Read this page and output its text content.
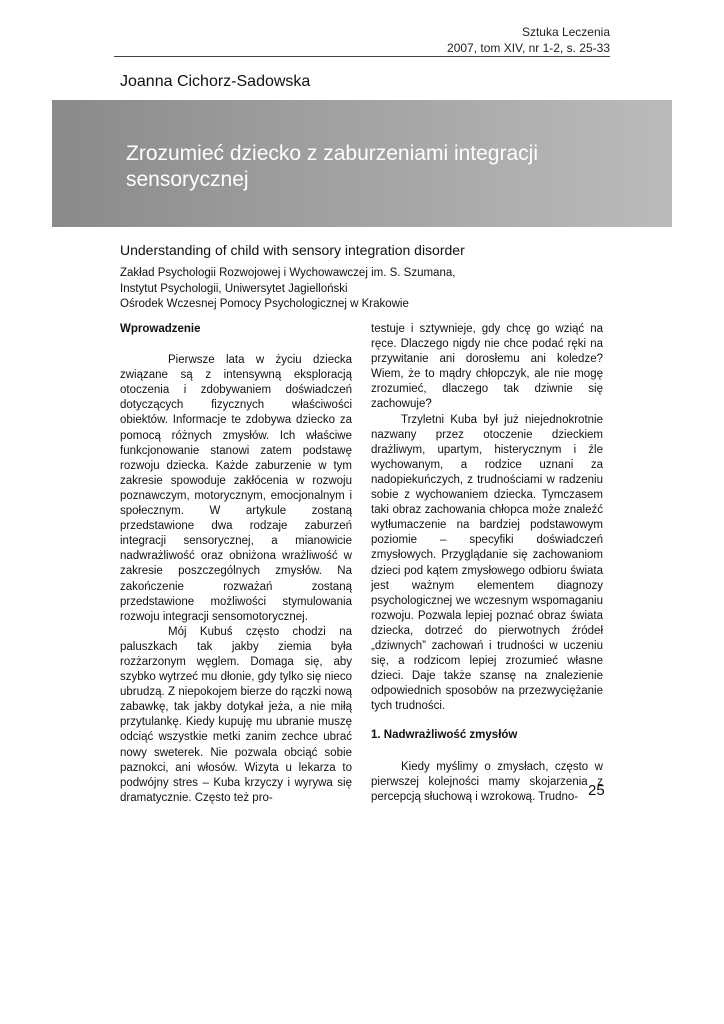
Sztuka Leczenia
2007, tom XIV, nr 1-2, s. 25-33
Joanna Cichorz-Sadowska
Zrozumieć dziecko z zaburzeniami integracji sensorycznej
Understanding of child with sensory integration disorder
Zakład Psychologii Rozwojowej i Wychowawczej im. S. Szumana,
Instytut Psychologii, Uniwersytet Jagielloński
Ośrodek Wczesnej Pomocy Psychologicznej w Krakowie
Wprowadzenie

Pierwsze lata w życiu dziecka związane są z intensywną eksploracją otoczenia i zdobywaniem doświadczeń dotyczących fizycznych właściwości obiektów. Informacje te zdobywa dziecko za pomocą różnych zmysłów. Ich właściwe funkcjonowanie stanowi zatem podstawę rozwoju dziecka. Każde zaburzenie w tym zakresie spowoduje zakłócenia w rozwoju poznawczym, motorycznym, emocjonalnym i społecznym. W artykule zostaną przedstawione dwa rodzaje zaburzeń integracji sensorycznej, a mianowicie nadwrażliwość oraz obniżona wrażliwość w zakresie poszczególnych zmysłów. Na zakończenie rozważań zostaną przedstawione możliwości stymulowania rozwoju integracji sensomotorycznej.

Mój Kubuś często chodzi na paluszkach tak jakby ziemia była rozżarzonym węglem. Domaga się, aby szybko wytrzeć mu dłonie, gdy tylko się nieco ubrudzą. Z niepokojem bierze do rączki nową zabawkę, tak jakby dotykał jeża, a nie miłą przytulankę. Kiedy kupuję mu ubranie muszę odciąć wszystkie metki zanim zechce ubrać nowy sweterek. Nie pozwala obciąć sobie paznokci, ani włosów. Wizyta u lekarza to podwójny stres – Kuba krzyczy i wyrywa się dramatycznie. Często też pro-

testuje i sztywnieje, gdy chcę go wziąć na ręce. Dlaczego nigdy nie chce podać ręki na przywitanie ani dorosłemu ani koledze? Wiem, że to mądry chłopczyk, ale nie mogę zrozumieć, dlaczego tak dziwnie się zachowuje?

Trzyletni Kuba był już niejednokrotnie nazwany przez otoczenie dzieckiem drażliwym, upartym, histerycznym i źle wychowanym, a rodzice uznani za nadopiekuńczych, z trudnościami w radzeniu sobie z wychowaniem dziecka. Tymczasem taki obraz zachowania chłopca może znaleźć wytłumaczenie na bardziej podstawowym poziomie – specyfiki doświadczeń zmysłowych. Przyglądanie się zachowaniom dzieci pod kątem zmysłowego odbioru świata jest ważnym elementem diagnozy psychologicznej we wczesnym wspomaganiu rozwoju. Pozwala lepiej poznać obraz świata dziecka, dotrzeć do pierwotnych źródeł „dziwnych” zachowań i trudności w uczeniu się, a rodzicom lepiej zrozumieć własne dzieci. Daje także szansę na znalezienie odpowiednich sposobów na przezwyciężanie tych trudności.

1. Nadwrażliwość zmysłów

Kiedy myślimy o zmysłach, często w pierwszej kolejności mamy skojarzenia z percepcją słuchową i wzrokową. Trudno- 25
